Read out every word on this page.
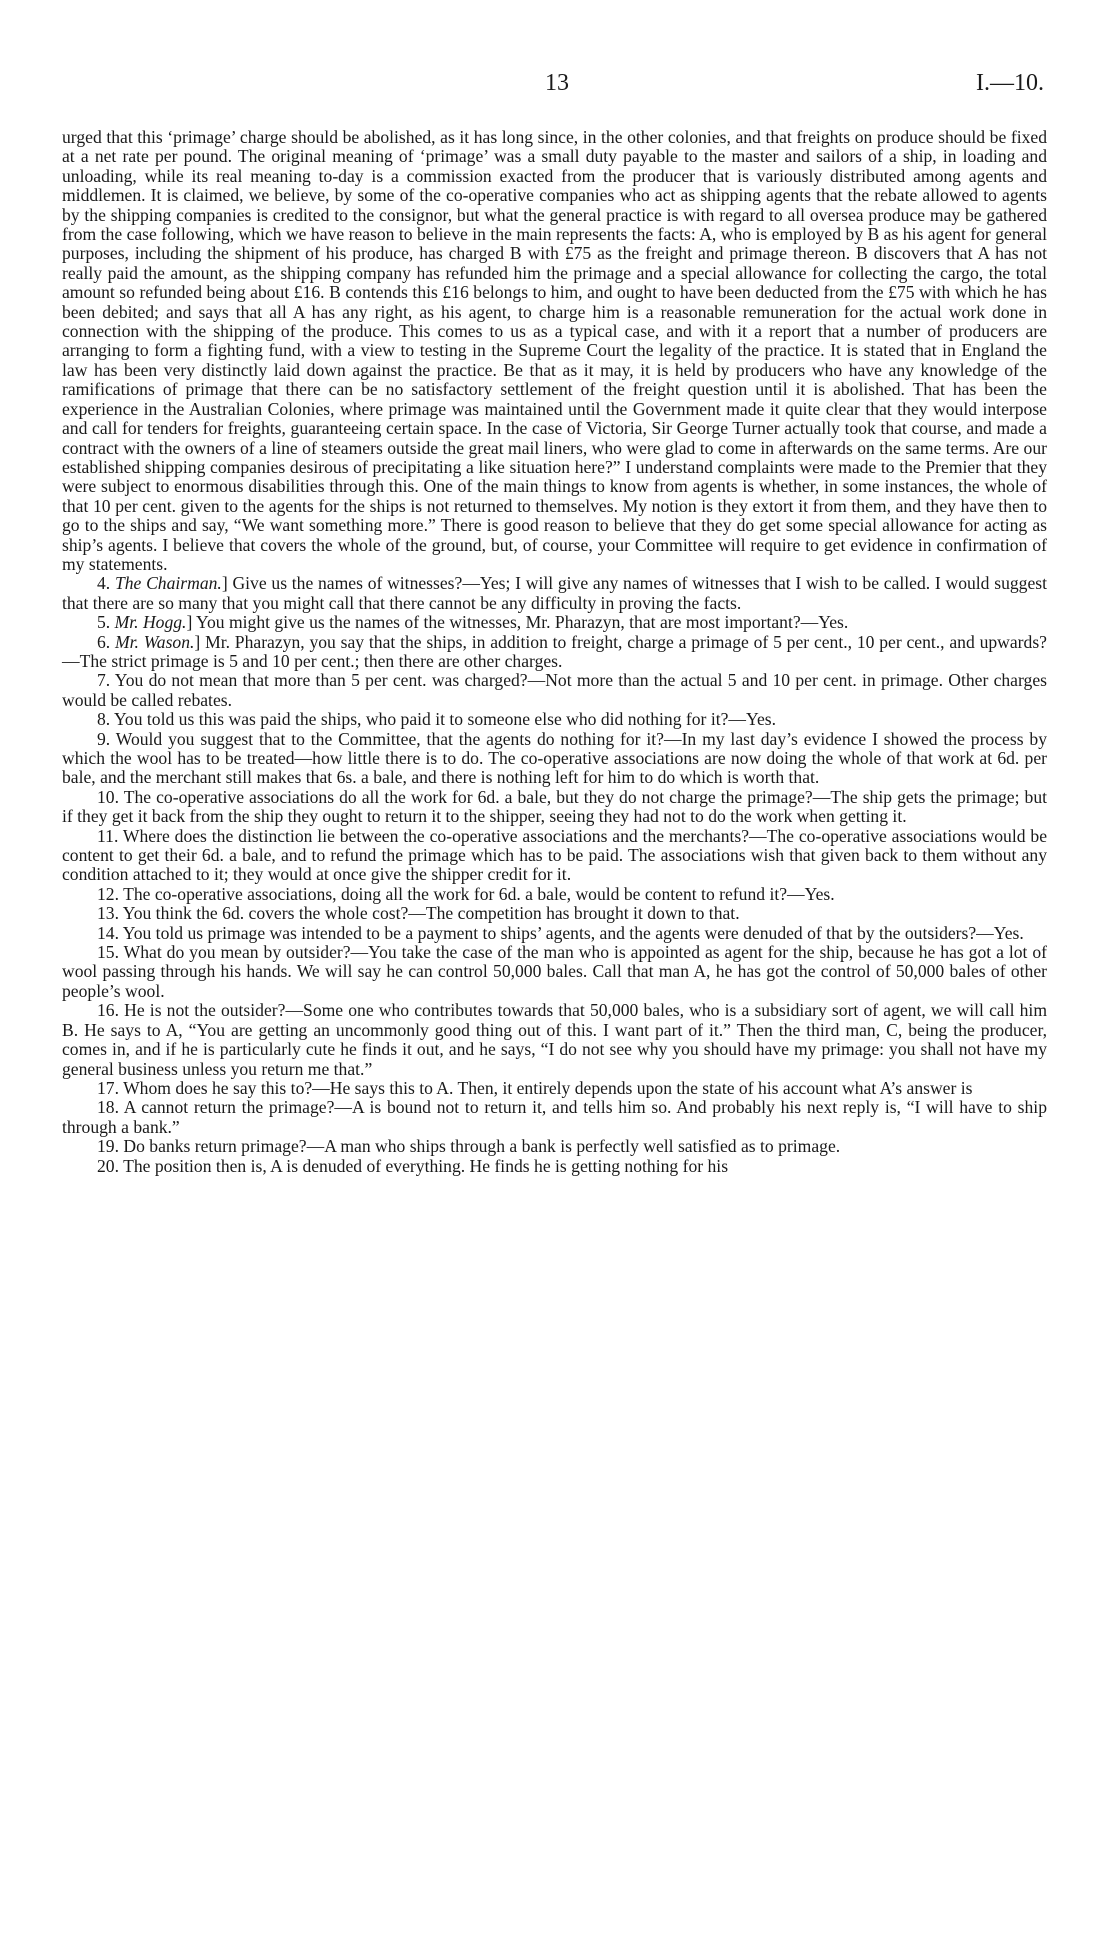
13	I.—10.

urged that this ‘primage’ charge should be abolished, as it has long since, in the other colonies, and that freights on produce should be fixed at a net rate per pound. The original meaning of ‘primage’ was a small duty payable to the master and sailors of a ship, in loading and unloading, while its real meaning to-day is a commission exacted from the producer that is variously distributed among agents and middlemen. It is claimed, we believe, by some of the co-operative companies who act as shipping agents that the rebate allowed to agents by the shipping companies is credited to the consignor, but what the general practice is with regard to all oversea produce may be gathered from the case following, which we have reason to believe in the main represents the facts: A, who is employed by B as his agent for general purposes, including the shipment of his produce, has charged B with £75 as the freight and primage thereon. B discovers that A has not really paid the amount, as the shipping company has refunded him the primage and a special allowance for collecting the cargo, the total amount so refunded being about £16. B contends this £16 belongs to him, and ought to have been deducted from the £75 with which he has been debited; and says that all A has any right, as his agent, to charge him is a reasonable remuneration for the actual work done in connection with the shipping of the produce. This comes to us as a typical case, and with it a report that a number of producers are arranging to form a fighting fund, with a view to testing in the Supreme Court the legality of the practice. It is stated that in England the law has been very distinctly laid down against the practice. Be that as it may, it is held by producers who have any knowledge of the ramifications of primage that there can be no satisfactory settlement of the freight question until it is abolished. That has been the experience in the Australian Colonies, where primage was maintained until the Government made it quite clear that they would interpose and call for tenders for freights, guaranteeing certain space. In the case of Victoria, Sir George Turner actually took that course, and made a contract with the owners of a line of steamers outside the great mail liners, who were glad to come in afterwards on the same terms. Are our established shipping companies desirous of precipitating a like situation here?” I understand complaints were made to the Premier that they were subject to enormous disabilities through this. One of the main things to know from agents is whether, in some instances, the whole of that 10 per cent. given to the agents for the ships is not returned to themselves. My notion is they extort it from them, and they have then to go to the ships and say, “We want something more.” There is good reason to believe that they do get some special allowance for acting as ship’s agents. I believe that covers the whole of the ground, but, of course, your Committee will require to get evidence in confirmation of my statements.

4. The Chairman.] Give us the names of witnesses?—Yes; I will give any names of witnesses that I wish to be called. I would suggest that there are so many that you might call that there cannot be any difficulty in proving the facts.

5. Mr. Hogg.] You might give us the names of the witnesses, Mr. Pharazyn, that are most important?—Yes.

6. Mr. Wason.] Mr. Pharazyn, you say that the ships, in addition to freight, charge a primage of 5 per cent., 10 per cent., and upwards?—The strict primage is 5 and 10 per cent.; then there are other charges.

7. You do not mean that more than 5 per cent. was charged?—Not more than the actual 5 and 10 per cent. in primage. Other charges would be called rebates.

8. You told us this was paid the ships, who paid it to someone else who did nothing for it?—Yes.

9. Would you suggest that to the Committee, that the agents do nothing for it?—In my last day’s evidence I showed the process by which the wool has to be treated—how little there is to do. The co-operative associations are now doing the whole of that work at 6d. per bale, and the merchant still makes that 6s. a bale, and there is nothing left for him to do which is worth that.

10. The co-operative associations do all the work for 6d. a bale, but they do not charge the primage?—The ship gets the primage; but if they get it back from the ship they ought to return it to the shipper, seeing they had not to do the work when getting it.

11. Where does the distinction lie between the co-operative associations and the merchants?—The co-operative associations would be content to get their 6d. a bale, and to refund the primage which has to be paid. The associations wish that given back to them without any condition attached to it; they would at once give the shipper credit for it.

12. The co-operative associations, doing all the work for 6d. a bale, would be content to refund it?—Yes.

13. You think the 6d. covers the whole cost?—The competition has brought it down to that.

14. You told us primage was intended to be a payment to ships’ agents, and the agents were denuded of that by the outsiders?—Yes.

15. What do you mean by outsider?—You take the case of the man who is appointed as agent for the ship, because he has got a lot of wool passing through his hands. We will say he can control 50,000 bales. Call that man A, he has got the control of 50,000 bales of other people’s wool.

16. He is not the outsider?—Some one who contributes towards that 50,000 bales, who is a subsidiary sort of agent, we will call him B. He says to A, “You are getting an uncommonly good thing out of this. I want part of it.” Then the third man, C, being the producer, comes in, and if he is particularly cute he finds it out, and he says, “I do not see why you should have my primage: you shall not have my general business unless you return me that.”

17. Whom does he say this to?—He says this to A. Then, it entirely depends upon the state of his account what A’s answer is

18. A cannot return the primage?—A is bound not to return it, and tells him so. And probably his next reply is, “I will have to ship through a bank.”

19. Do banks return primage?—A man who ships through a bank is perfectly well satisfied as to primage.

20. The position then is, A is denuded of everything. He finds he is getting nothing for his
